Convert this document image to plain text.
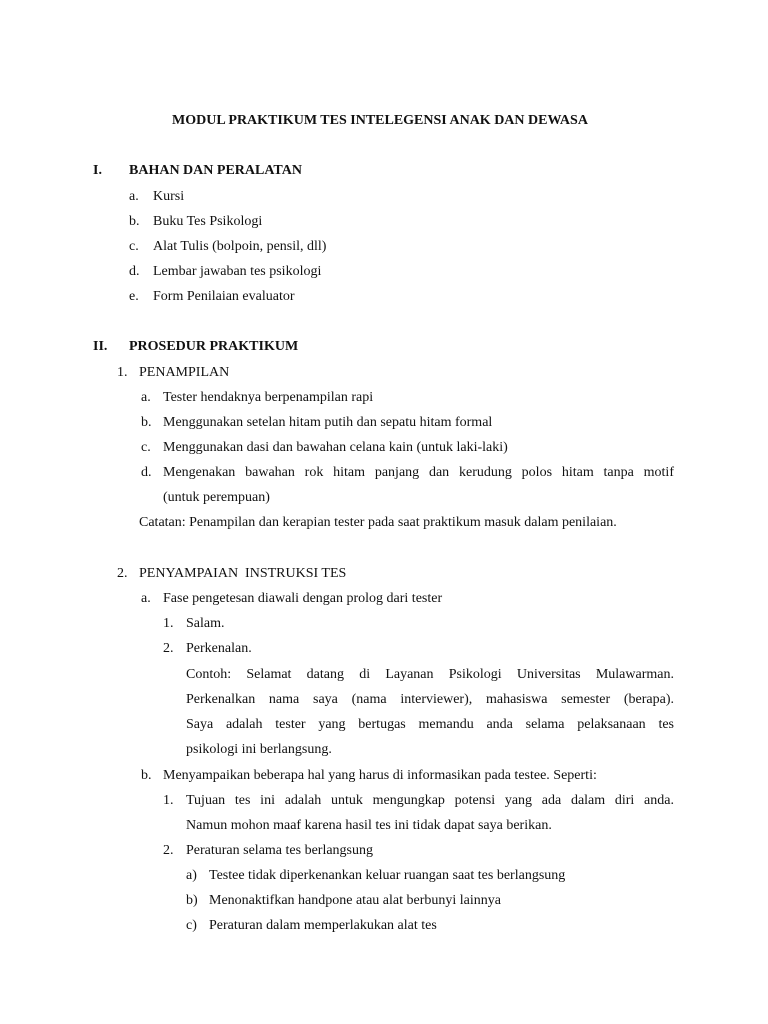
MODUL PRAKTIKUM TES INTELEGENSI ANAK DAN DEWASA
I. BAHAN DAN PERALATAN
a. Kursi
b. Buku Tes Psikologi
c. Alat Tulis (bolpoin, pensil, dll)
d. Lembar jawaban tes psikologi
e. Form Penilaian evaluator
II. PROSEDUR PRAKTIKUM
1. PENAMPILAN
a. Tester hendaknya berpenampilan rapi
b. Menggunakan setelan hitam putih dan sepatu hitam formal
c. Menggunakan dasi dan bawahan celana kain (untuk laki-laki)
d. Mengenakan bawahan rok hitam panjang dan kerudung polos hitam tanpa motif
(untuk perempuan)
Catatan: Penampilan dan kerapian tester pada saat praktikum masuk dalam penilaian.
2. PENYAMPAIAN  INSTRUKSI TES
a. Fase pengetesan diawali dengan prolog dari tester
1. Salam.
2. Perkenalan.
Contoh: Selamat datang di Layanan Psikologi Universitas Mulawarman.
Perkenalkan nama saya (nama interviewer), mahasiswa semester (berapa).
Saya adalah tester yang bertugas memandu anda selama pelaksanaan tes
psikologi ini berlangsung.
b. Menyampaikan beberapa hal yang harus di informasikan pada testee. Seperti:
1. Tujuan tes ini adalah untuk mengungkap potensi yang ada dalam diri anda.
Namun mohon maaf karena hasil tes ini tidak dapat saya berikan.
2. Peraturan selama tes berlangsung
a) Testee tidak diperkenankan keluar ruangan saat tes berlangsung
b) Menonaktifkan handpone atau alat berbunyi lainnya
c) Peraturan dalam memperlakukan alat tes
